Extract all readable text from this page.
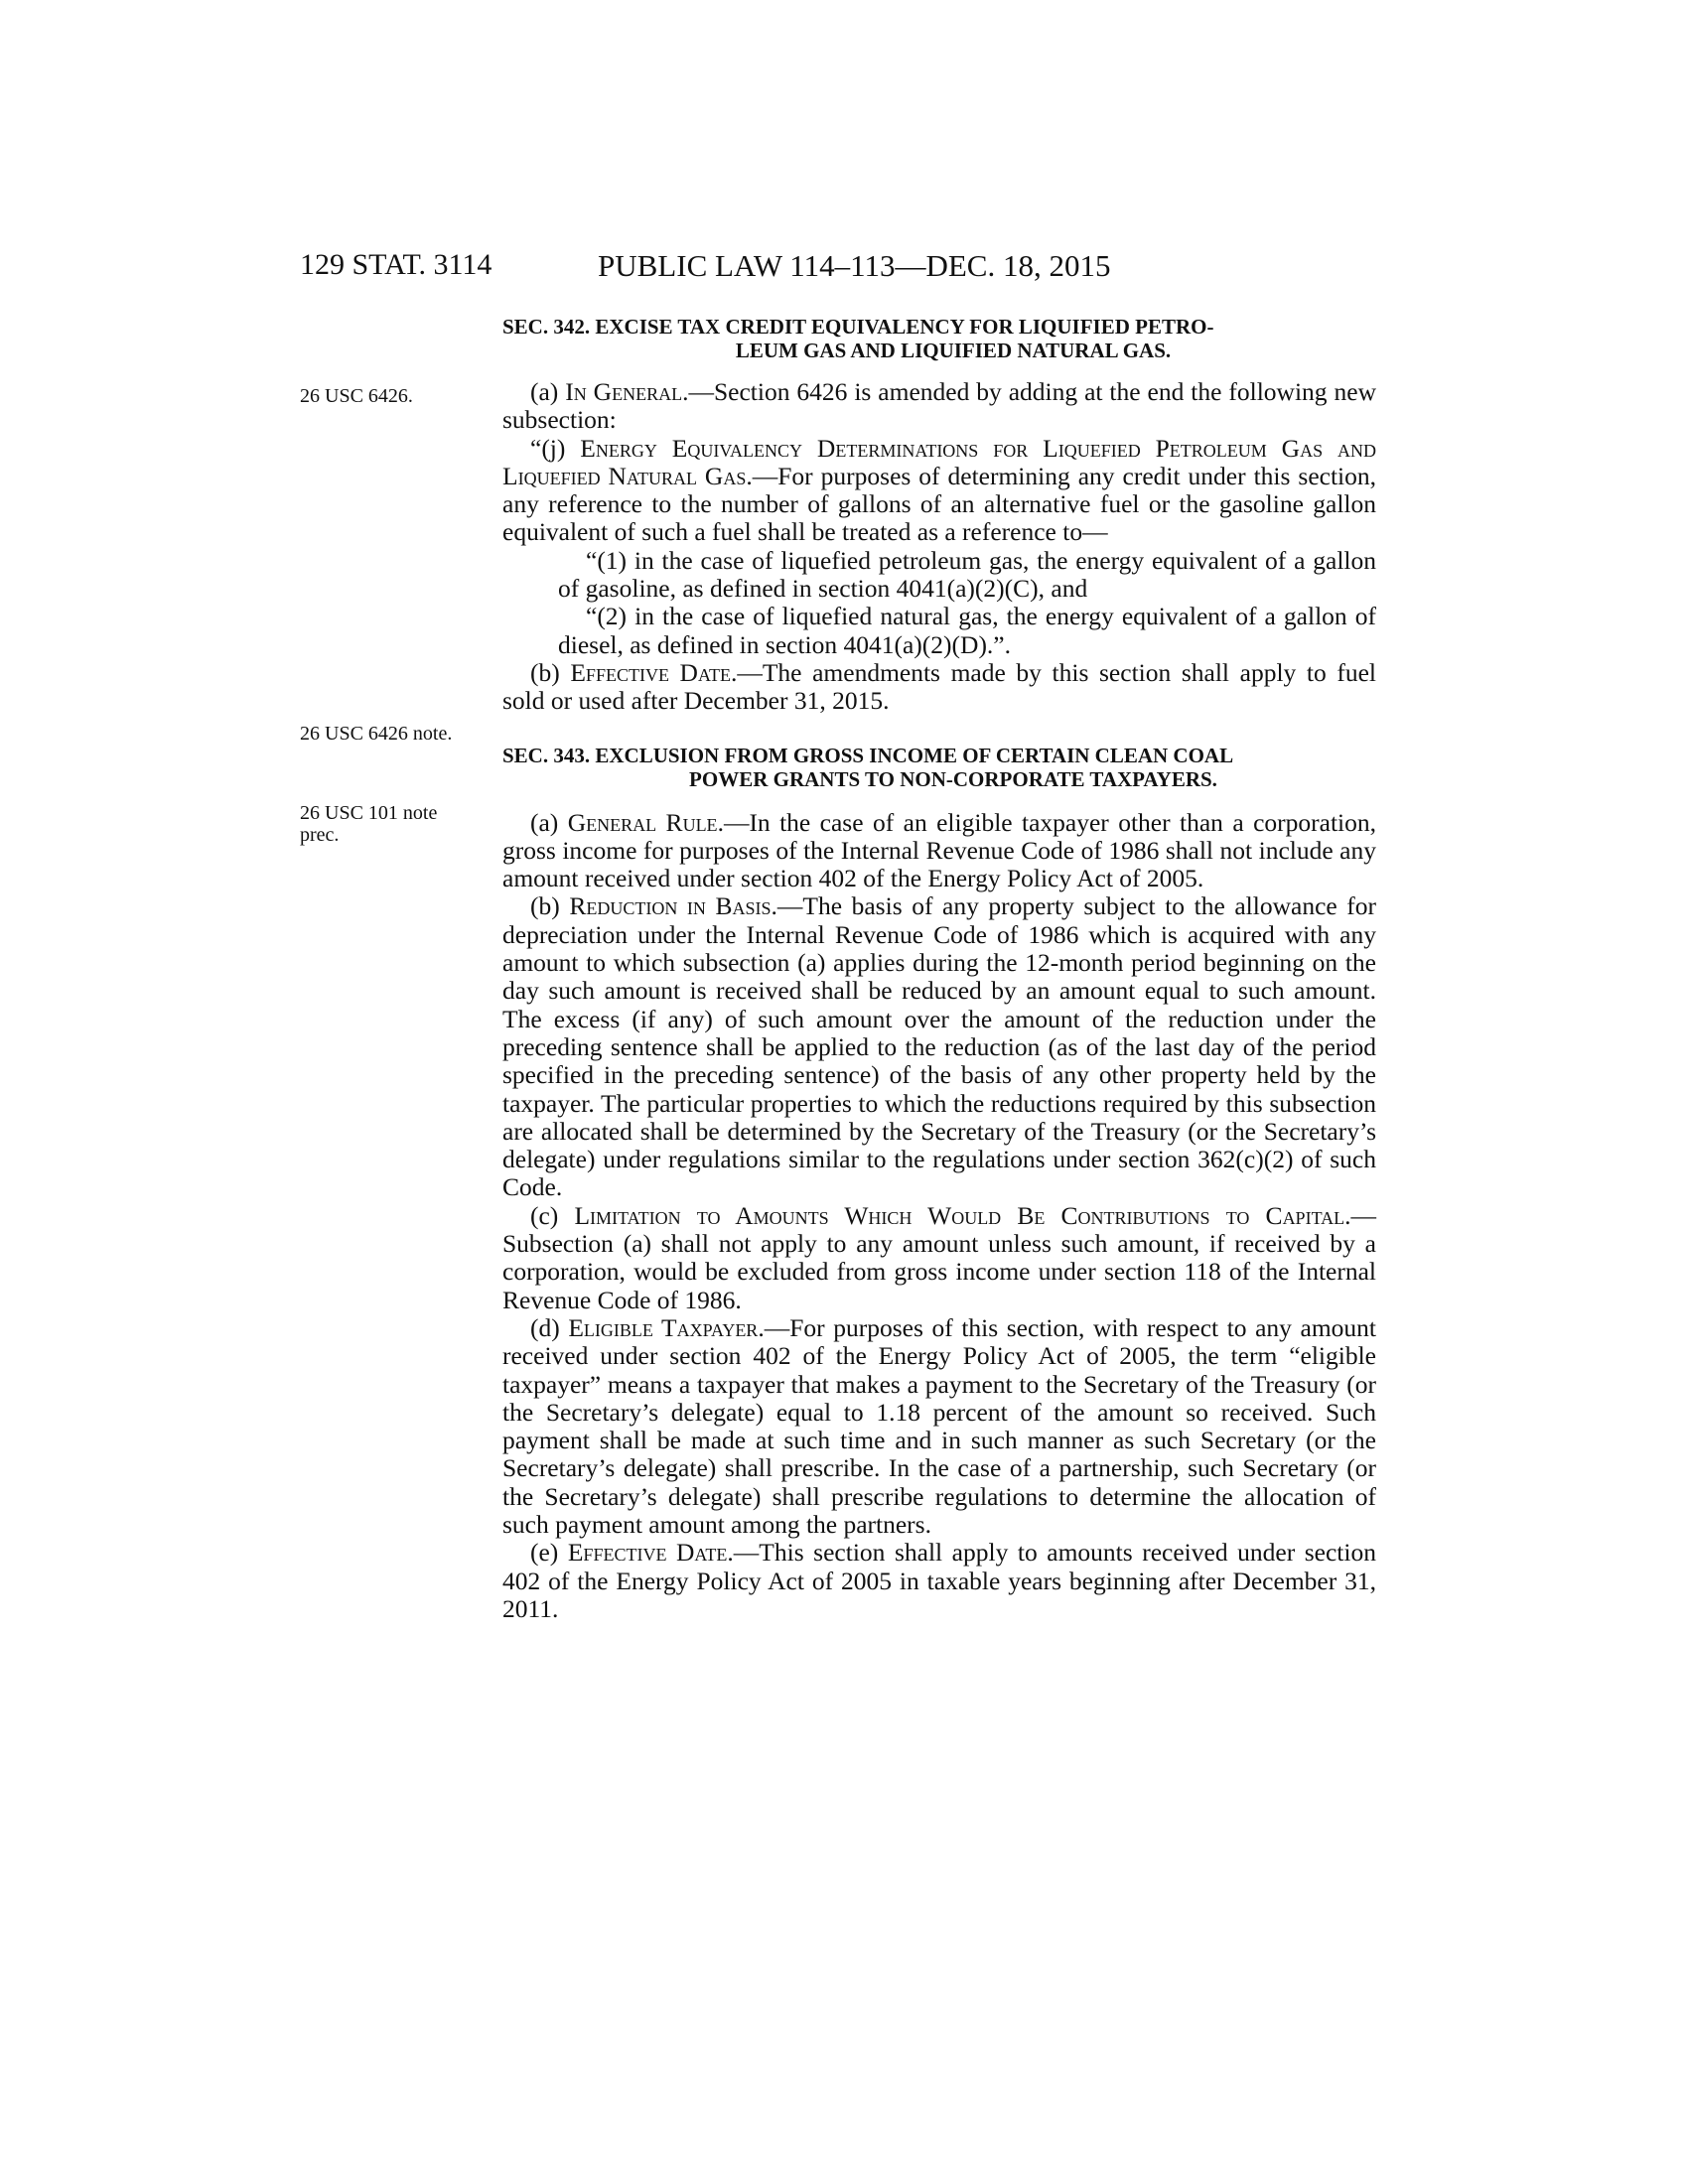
129 STAT. 3114	PUBLIC LAW 114–113—DEC. 18, 2015
26 USC 6426.
26 USC 6426 note.
26 USC 101 note prec.

SEC. 342. EXCISE TAX CREDIT EQUIVALENCY FOR LIQUIFIED PETRO-
LEUM GAS AND LIQUIFIED NATURAL GAS.

(a) In General.—Section 6426 is amended by adding at the end the following new subsection:

“(j) Energy Equivalency Determinations for Liquefied Petroleum Gas and Liquefied Natural Gas.—For purposes of determining any credit under this section, any reference to the number of gallons of an alternative fuel or the gasoline gallon equivalent of such a fuel shall be treated as a reference to—

“(1) in the case of liquefied petroleum gas, the energy equivalent of a gallon of gasoline, as defined in section 4041(a)(2)(C), and

“(2) in the case of liquefied natural gas, the energy equivalent of a gallon of diesel, as defined in section 4041(a)(2)(D).”.

(b) Effective Date.—The amendments made by this section shall apply to fuel sold or used after December 31, 2015.

SEC. 343. EXCLUSION FROM GROSS INCOME OF CERTAIN CLEAN COAL
POWER GRANTS TO NON-CORPORATE TAXPAYERS.

(a) General Rule.—In the case of an eligible taxpayer other than a corporation, gross income for purposes of the Internal Revenue Code of 1986 shall not include any amount received under section 402 of the Energy Policy Act of 2005.

(b) Reduction in Basis.—The basis of any property subject to the allowance for depreciation under the Internal Revenue Code of 1986 which is acquired with any amount to which subsection (a) applies during the 12-month period beginning on the day such amount is received shall be reduced by an amount equal to such amount. The excess (if any) of such amount over the amount of the reduction under the preceding sentence shall be applied to the reduction (as of the last day of the period specified in the preceding sentence) of the basis of any other property held by the taxpayer. The particular properties to which the reductions required by this subsection are allocated shall be determined by the Secretary of the Treasury (or the Secretary’s delegate) under regulations similar to the regulations under section 362(c)(2) of such Code.

(c) Limitation to Amounts Which Would Be Contributions to Capital.—Subsection (a) shall not apply to any amount unless such amount, if received by a corporation, would be excluded from gross income under section 118 of the Internal Revenue Code of 1986.

(d) Eligible Taxpayer.—For purposes of this section, with respect to any amount received under section 402 of the Energy Policy Act of 2005, the term “eligible taxpayer” means a taxpayer that makes a payment to the Secretary of the Treasury (or the Secretary’s delegate) equal to 1.18 percent of the amount so received. Such payment shall be made at such time and in such manner as such Secretary (or the Secretary’s delegate) shall prescribe. In the case of a partnership, such Secretary (or the Secretary’s delegate) shall prescribe regulations to determine the allocation of such payment amount among the partners.

(e) Effective Date.—This section shall apply to amounts received under section 402 of the Energy Policy Act of 2005 in taxable years beginning after December 31, 2011.
